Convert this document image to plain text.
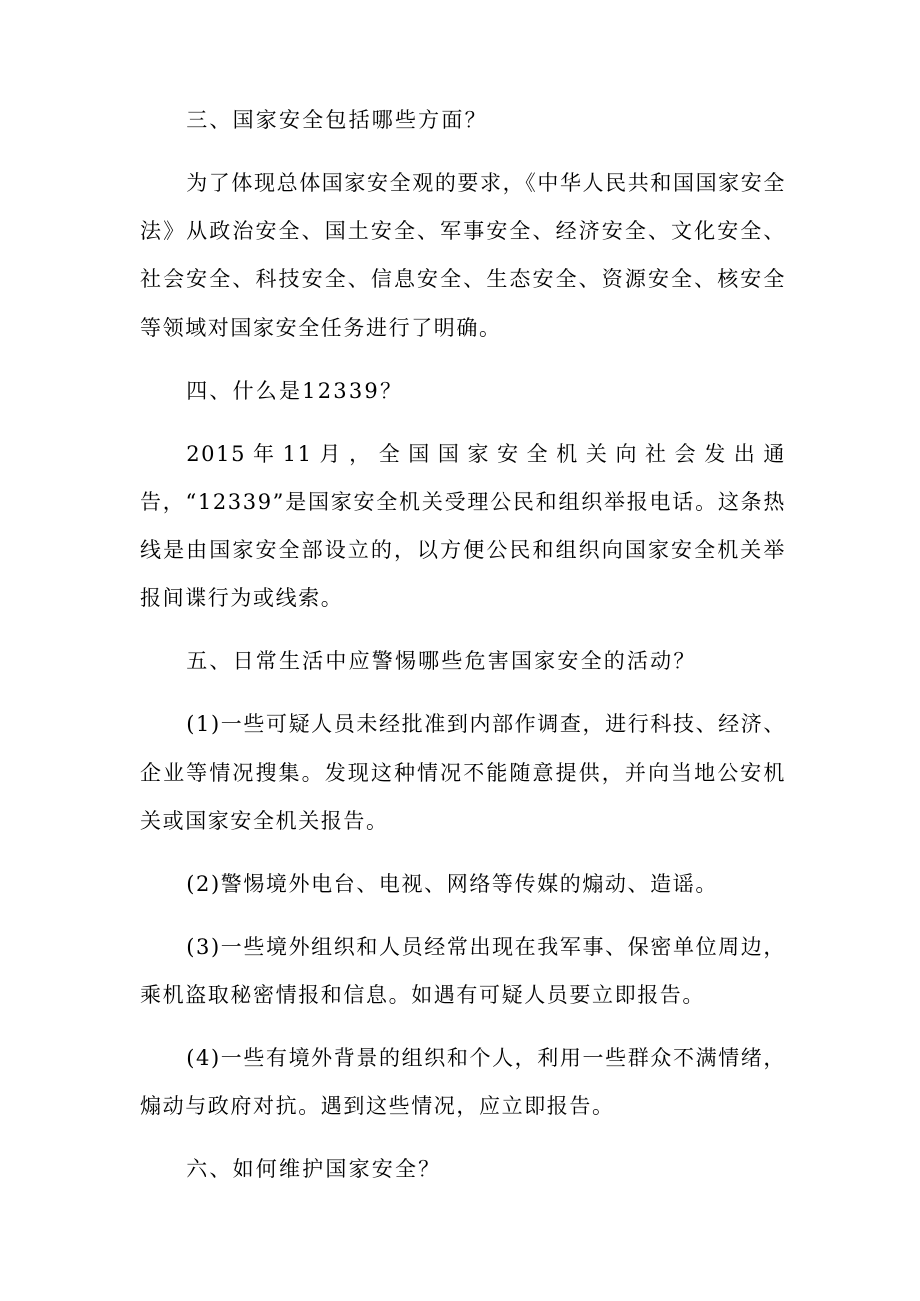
三、国家安全包括哪些方面？

为了体现总体国家安全观的要求，《中华人民共和国国家安全法》从政治安全、国土安全、军事安全、经济安全、文化安全、社会安全、科技安全、信息安全、生态安全、资源安全、核安全等领域对国家安全任务进行了明确。

四、什么是12339？

2015年11月，全国国家安全机关向社会发出通告，“12339”是国家安全机关受理公民和组织举报电话。这条热线是由国家安全部设立的，以方便公民和组织向国家安全机关举报间谍行为或线索。

五、日常生活中应警惕哪些危害国家安全的活动？

(1)一些可疑人员未经批准到内部作调查，进行科技、经济、企业等情况搜集。发现这种情况不能随意提供，并向当地公安机关或国家安全机关报告。

(2)警惕境外电台、电视、网络等传媒的煽动、造谣。

(3)一些境外组织和人员经常出现在我军事、保密单位周边，乘机盗取秘密情报和信息。如遇有可疑人员要立即报告。

(4)一些有境外背景的组织和个人，利用一些群众不满情绪，煽动与政府对抗。遇到这些情况，应立即报告。

六、如何维护国家安全？
